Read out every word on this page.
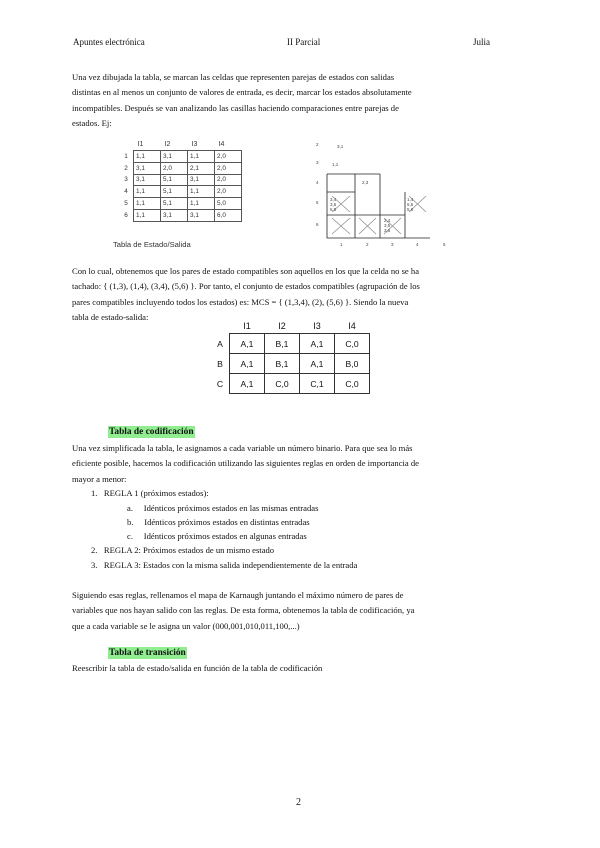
Apuntes electrónica	II Parcial	Julia
Una vez dibujada la tabla, se marcan las celdas que representen parejas de estados con salidas
distintas en al menos un conjunto de valores de entrada, es decir, marcar los estados absolutamente
incompatibles. Después se van analizando las casillas haciendo comparaciones entre parejas de
estados. Ej:
	I1	I2	I3	I4
1	1,1	3,1	1,1	2,0
2	3,1	2,0	2,1	2,0
3	3,1	5,1	3,1	2,0
4	1,1	5,1	1,1	2,0
5	1,1	5,1	1,1	5,0
6	1,1	3,1	3,1	6,0
Tabla de Estado/Salida
2
3
4
5
6
1	2	3	4	5
3,1
1,1
2,3
3,4
3,5
5,5
1,4
5,5
5,6
2,4
3,5
3,6
Con lo cual, obtenemos que los pares de estado compatibles son aquellos en los que la celda no se ha
tachado: { (1,3), (1,4), (3,4), (5,6) }. Por tanto, el conjunto de estados compatibles (agrupación de los
pares compatibles incluyendo todos los estados) es: MCS = { (1,3,4), (2), (5,6) }. Siendo la nueva
tabla de estado-salida:
	I1	I2	I3	I4
A	A,1	B,1	A,1	C,0
B	A,1	B,1	A,1	B,0
C	A,1	C,0	C,1	C,0
Tabla de codificación
Una vez simplificada la tabla, le asignamos a cada variable un número binario. Para que sea lo más
eficiente posible, hacemos la codificación utilizando las siguientes reglas en orden de importancia de
mayor a menor:
1. REGLA 1 (próximos estados):
a. Idénticos próximos estados en las mismas entradas
b. Idénticos próximos estados en distintas entradas
c. Idénticos próximos estados en algunas entradas
2. REGLA 2: Próximos estados de un mismo estado
3. REGLA 3: Estados con la misma salida independientemente de la entrada
Siguiendo esas reglas, rellenamos el mapa de Karnaugh juntando el máximo número de pares de
variables que nos hayan salido con las reglas. De esta forma, obtenemos la tabla de codificación, ya
que a cada variable se le asigna un valor (000,001,010,011,100,...)
Tabla de transición
Reescribir la tabla de estado/salida en función de la tabla de codificación
2
